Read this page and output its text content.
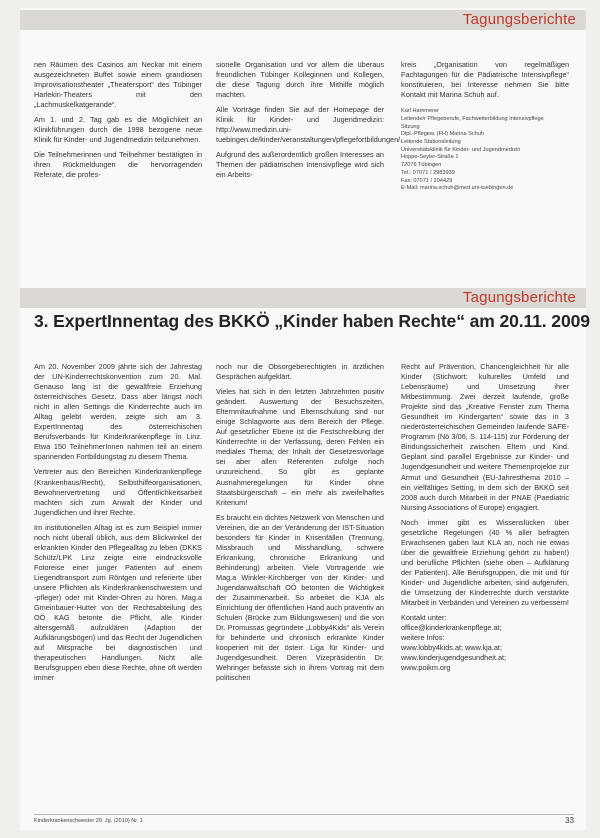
Tagungsberichte

nen Räumen des Casinos am Neckar mit einem ausgezeichneten Buffet sowie einem grandiosen Improvisationstheater „Theatersport“ des Tübinger Harlekin-Theaters mit den „Lachmuskelkatgerande“.

Am 1. und 2. Tag gab es die Möglichkeit an Klinikführungen durch die 1998 bezogene neue Klinik für Kinder- und Jugendmedizin teilzunehmen.

Die Teilnehmerinnen und Teilnehmer bestätigten in ihren Rückmeldungen die hervorragenden Referate, die profes-

sionelle Organisation und vor allem die überaus freundlichen Tübinger Kolleginnen und Kollegen, die diese Tagung durch ihre Mithilfe möglich machten.

Alle Vorträge finden Sie auf der Homepage der Klinik für Kinder- und Jugendmedizin: http://www.medizin.uni-tuebingen.de/kinder/veranstaltungen/pflegefortbildungen/.

Aufgrund des außerordentlich großen Interesses an Themen der pädiatrischen Intensivpflege wird sich ein Arbeits-

kreis „Organisation von regelmäßigen Fachtagungen für die Pädiatrische Intensivpflege“ konstituieren, bei Interesse nehmen Sie bitte Kontakt mit Marina Schuh auf.

Karl Hammerer
Leitende/r Pflegeberufe, Fachweiterbildung Intensivpflege
Sitzung
Dipl.-Pflegew. (FH) Marina Schuh
Leitende Stationsleitung
Universitätsklinik für Kinder- und Jugendmedizin
Hoppe-Seyler-Straße 1
72076 Tübingen
Tel.: 07071 / 2983939
Fax: 07071 / 294429
E-Mail: marina.schuh@med.uni-tuebingen.de
Tagungsberichte
3. ExpertInnentag des BKKÖ „Kinder haben Rechte“ am 20.11. 2009

Am 20. November 2009 jährte sich der Jahrestag der UN-Kinderrechtskonvention zum 20. Mal. Genauso lang ist die gewaltfreie Erziehung österreichisches Gesetz. Dass aber längst noch nicht in allen Settings die Kinderrechte auch im Alltag gelebt werden, zeigte sich am 3. ExpertInnentag des österreichischen Berufsverbands für Kinderkrankenpflege in Linz. Etwa 150 TeilnehmerInnen nahmen teil an einem spannenden Fortbildungstag zu diesem Thema.

Vertreter aus den Bereichen Kinderkrankenpflege (Krankenhaus/Recht), Selbsthilfeorganisationen, Bewohnervertretung und Öffentlichkeitsarbeit machten sich zum Anwalt der Kinder und Jugendlichen und ihrer Rechte.

Im institutionellen Alltag ist es zum Beispiel immer noch nicht überall üblich, aus dem Blickwinkel der erkrankten Kinder den Pflegealltag zu leben (DKKS Schütz/LPK Linz zeigte eine eindrucksvolle Fotoreise einer junger Patienten auf einem Liegendtransport zum Röntgen und referierte über unsere Pflichten als Kinderkrankenschwestern und -pfleger) oder mit Kinder-Ohren zu hören. Mag.a Gmeinbauer-Hutter von der Rechtsabteilung des OÖ KAG betonte die Pflicht, alle Kinder altersgemäß aufzuklären (Adaption der Aufklärungsbögen) und das Recht der Jugendlichen auf Mitsprache bei diagnostischen und therapeutischen Handlungen. Nicht alle Berufsgruppen eben diese Rechte, ohne oft werden immer

noch nur die Obsorgeberechtigten in ärztlichen Gesprächen aufgeklärt.

Vieles hat sich in den letzten Jahrzehnten positiv geändert. Auswertung der Besuchszeiten, Elternmitaufnahme und Elternschulung sind nur einige Schlagworte aus dem Bereich der Pflege. Auf gesetzlicher Ebene ist die Festschreibung der Kinderrechte in der Verfassung, deren Fehlen ein mediales Thema; der Inhalt der Gesetzesvorlage sei aber allen Referenten zufolge noch unzureichend. So gibt es geplante Ausnahmeregelungen für Kinder ohne Staatsbürgerschaft – ein mehr als zweifelhaftes Kriterium!

Es braucht ein dichtes Netzwerk von Menschen und Vereinen, die an der Veränderung der IST-Situation besonders für Kinder in Krisenfällen (Trennung, Missbrauch und Misshandlung, schwere Erkrankung, chronische Erkrankung und Behinderung) arbeiten. Viele Vortragende wie Mag.a Winkler-Kirchberger von der Kinder- und Jugendanwaltschaft OÖ betonten die Wichtigkeit der Zusammenarbeit. So arbeitet die KJA als Einrichtung der öffentlichen Hand auch präventiv an Schulen (Brücke zum Bildungswesen) und die von Dr. Promussas gegründete „Lobby4Kids“ als Verein für behinderte und chronisch erkrankte Kinder kooperiert mit der österr. Liga für Kinder- und Jugendgesundheit. Deren Vizepräsidentin Dr. Wehringer befasste sich in ihrem Vortrag mit dem politischen

Recht auf Prävention, Chancengleichheit für alle Kinder (Stichwort: kulturelles Umfeld und Lebensräume) und Umsetzung ihrer Mitbestimmung. Zwei derzeit laufende, große Projekte sind das „Kreative Fenster zum Thema Gesundheit im Kindergarten“ sowie das in 3 niederösterreichischen Gemeinden laufende SAFE-Programm (Nö 3/06, S. 114-115) zur Förderung der Bindungssicherheit zwischen Eltern und Kind. Geplant sind parallel Ergebnisse zur Kinder- und Jugendgesundheit und weitere Themenprojekte zur Armut und Gesundheit (EU-Jahresthema 2010 – ein vielfältiges Setting, in dem sich der BKKÖ seit 2008 auch durch Mitarbeit in der PNAE (Paediatric Nursing Associations of Europe) engagiert.

Noch immer gibt es Wissenslücken über gesetzliche Regelungen (40 % aller befragten Erwachsenen gaben laut KLA an, noch nie etwas über die gewaltfreie Erziehung gehört zu haben!) und berufliche Pflichten (siehe oben – Aufklärung der Patienten). Alle Berufsgruppen, die mit und für Kinder- und Jugendliche arbeiten, sind aufgerufen, die Umsetzung der Kinderrechte durch verstärkte Mitarbeit in Verbänden und Vereinen zu verbessern!

Kontakt unter:
office@kinderkrankenpflege.at;
weitere Infos:
www.lobby4kids.at; www.kja.at;
www.kinderjugendgesundheit.at;
www.poikm.org
Kinderkrankenschwester 29. Jg. (2010) Nr. 1	33
